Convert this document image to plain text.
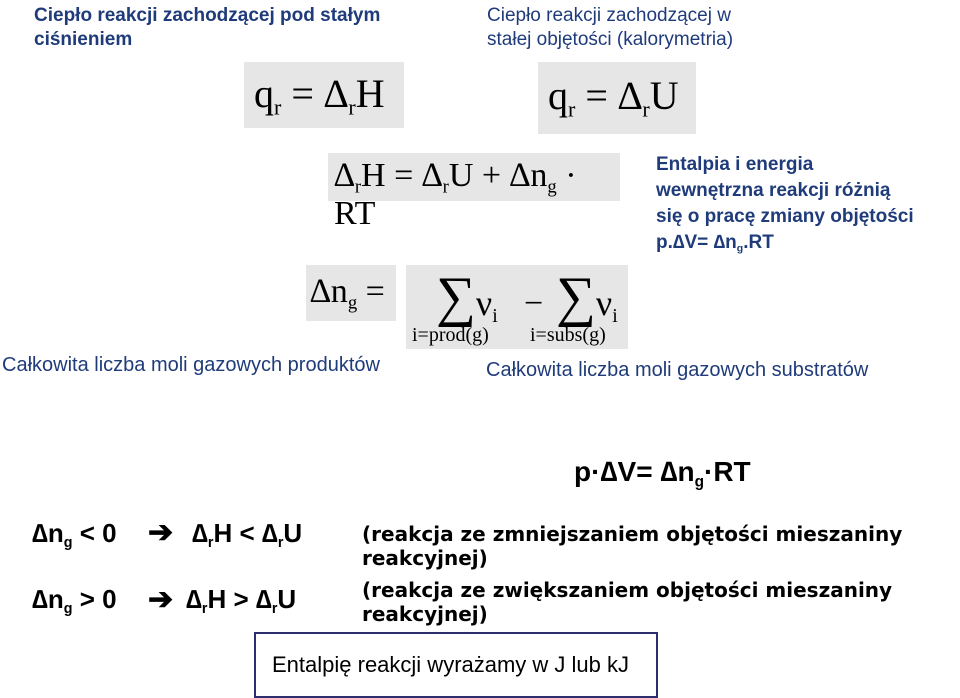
Ciepło reakcji zachodzącej pod stałym ciśnieniem
Ciepło reakcji zachodzącej w
stałej objętości (kalorymetria)
$q_r = \Delta_rH$	$q_r = \Delta_rU$
$\Delta_rH = \Delta_rU + \Delta n_g$ · RT
Entalpia i energia
wewnętrzna reakcji różnią
się o pracę zmiany objętości
$p.\Delta V= \Delta n_g.RT$
$\Delta n_g = \sum\nu_i - \sum\nu_i$
i=prod(g) i=subs(g)
Całkowita liczba moli gazowych produktów	Całkowita liczba moli gazowych substratów
$p\cdot\Delta V= \Delta n_g\cdot RT$
$\Delta n_g < 0$ ➔ $\Delta_rH < \Delta_rU$	(reakcja ze zmniejszaniem objętości mieszaniny reakcyjnej)
$\Delta n_g > 0$ ➔ $\Delta_rH > \Delta_rU$	(reakcja ze zwiększaniem objętości mieszaniny reakcyjnej)
Entalpię reakcji wyrażamy w J lub kJ
